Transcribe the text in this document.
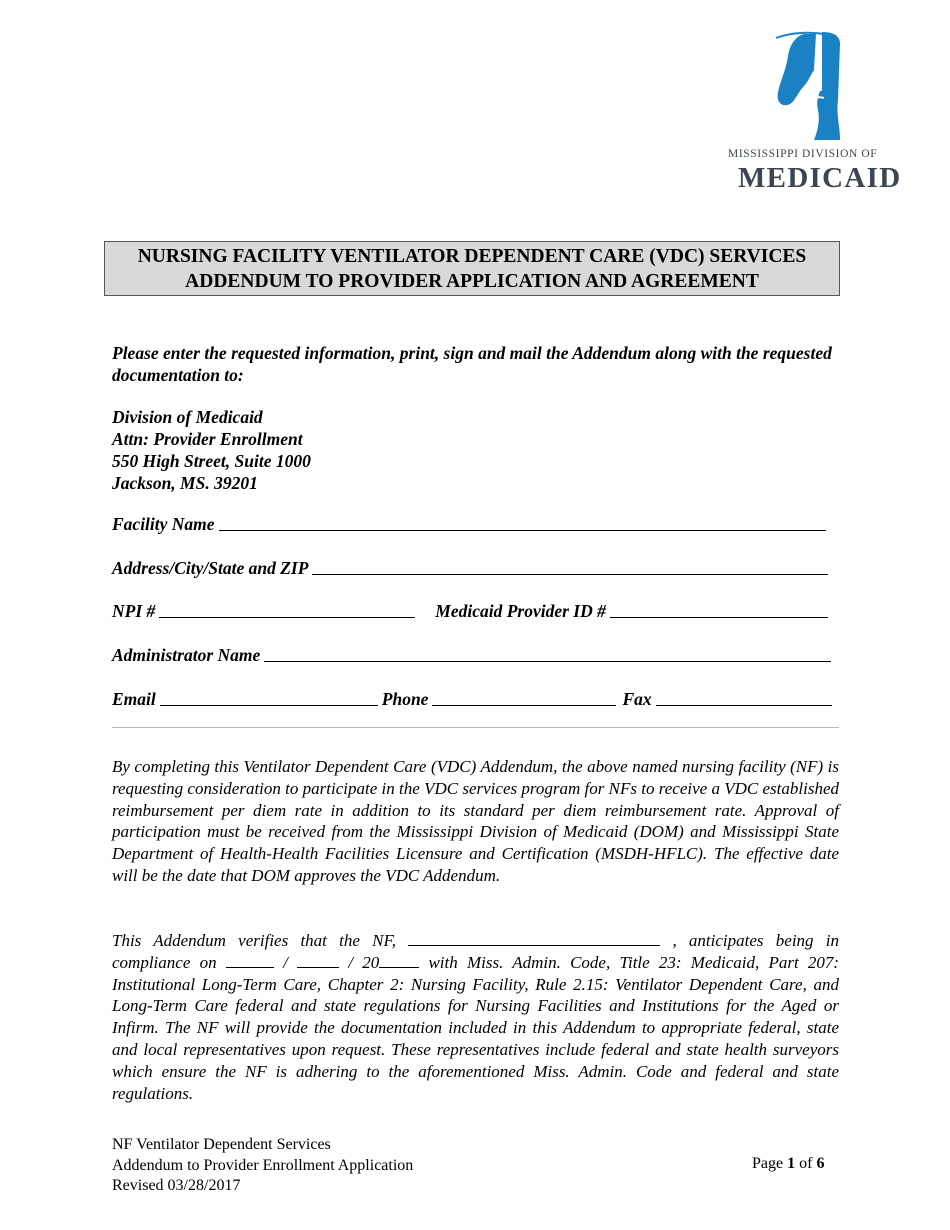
MISSISSIPPI DIVISION OF
MEDICAID
NURSING FACILITY VENTILATOR DEPENDENT CARE (VDC) SERVICES
ADDENDUM TO PROVIDER APPLICATION AND AGREEMENT
Please enter the requested information, print, sign and mail the Addendum along with the requested documentation to:
Division of Medicaid
Attn: Provider Enrollment
550 High Street, Suite 1000
Jackson, MS. 39201
Facility Name
Address/City/State and ZIP
NPI #	Medicaid Provider ID #
Administrator Name
Email	Phone	Fax
By completing this Ventilator Dependent Care (VDC) Addendum, the above named nursing facility (NF) is requesting consideration to participate in the VDC services program for NFs to receive a VDC established reimbursement per diem rate in addition to its standard per diem reimbursement rate. Approval of participation must be received from the Mississippi Division of Medicaid (DOM) and Mississippi State Department of Health-Health Facilities Licensure and Certification (MSDH-HFLC). The effective date will be the date that DOM approves the VDC Addendum.
This Addendum verifies that the NF,	, anticipates being in compliance on	/	/ 20	with Miss. Admin. Code, Title 23: Medicaid, Part 207: Institutional Long-Term Care, Chapter 2: Nursing Facility, Rule 2.15: Ventilator Dependent Care, and Long-Term Care federal and state regulations for Nursing Facilities and Institutions for the Aged or Infirm. The NF will provide the documentation included in this Addendum to appropriate federal, state and local representatives upon request. These representatives include federal and state health surveyors which ensure the NF is adhering to the aforementioned Miss. Admin. Code and federal and state regulations.
NF Ventilator Dependent Services
Addendum to Provider Enrollment Application
Revised 03/28/2017
Page 1 of 6
